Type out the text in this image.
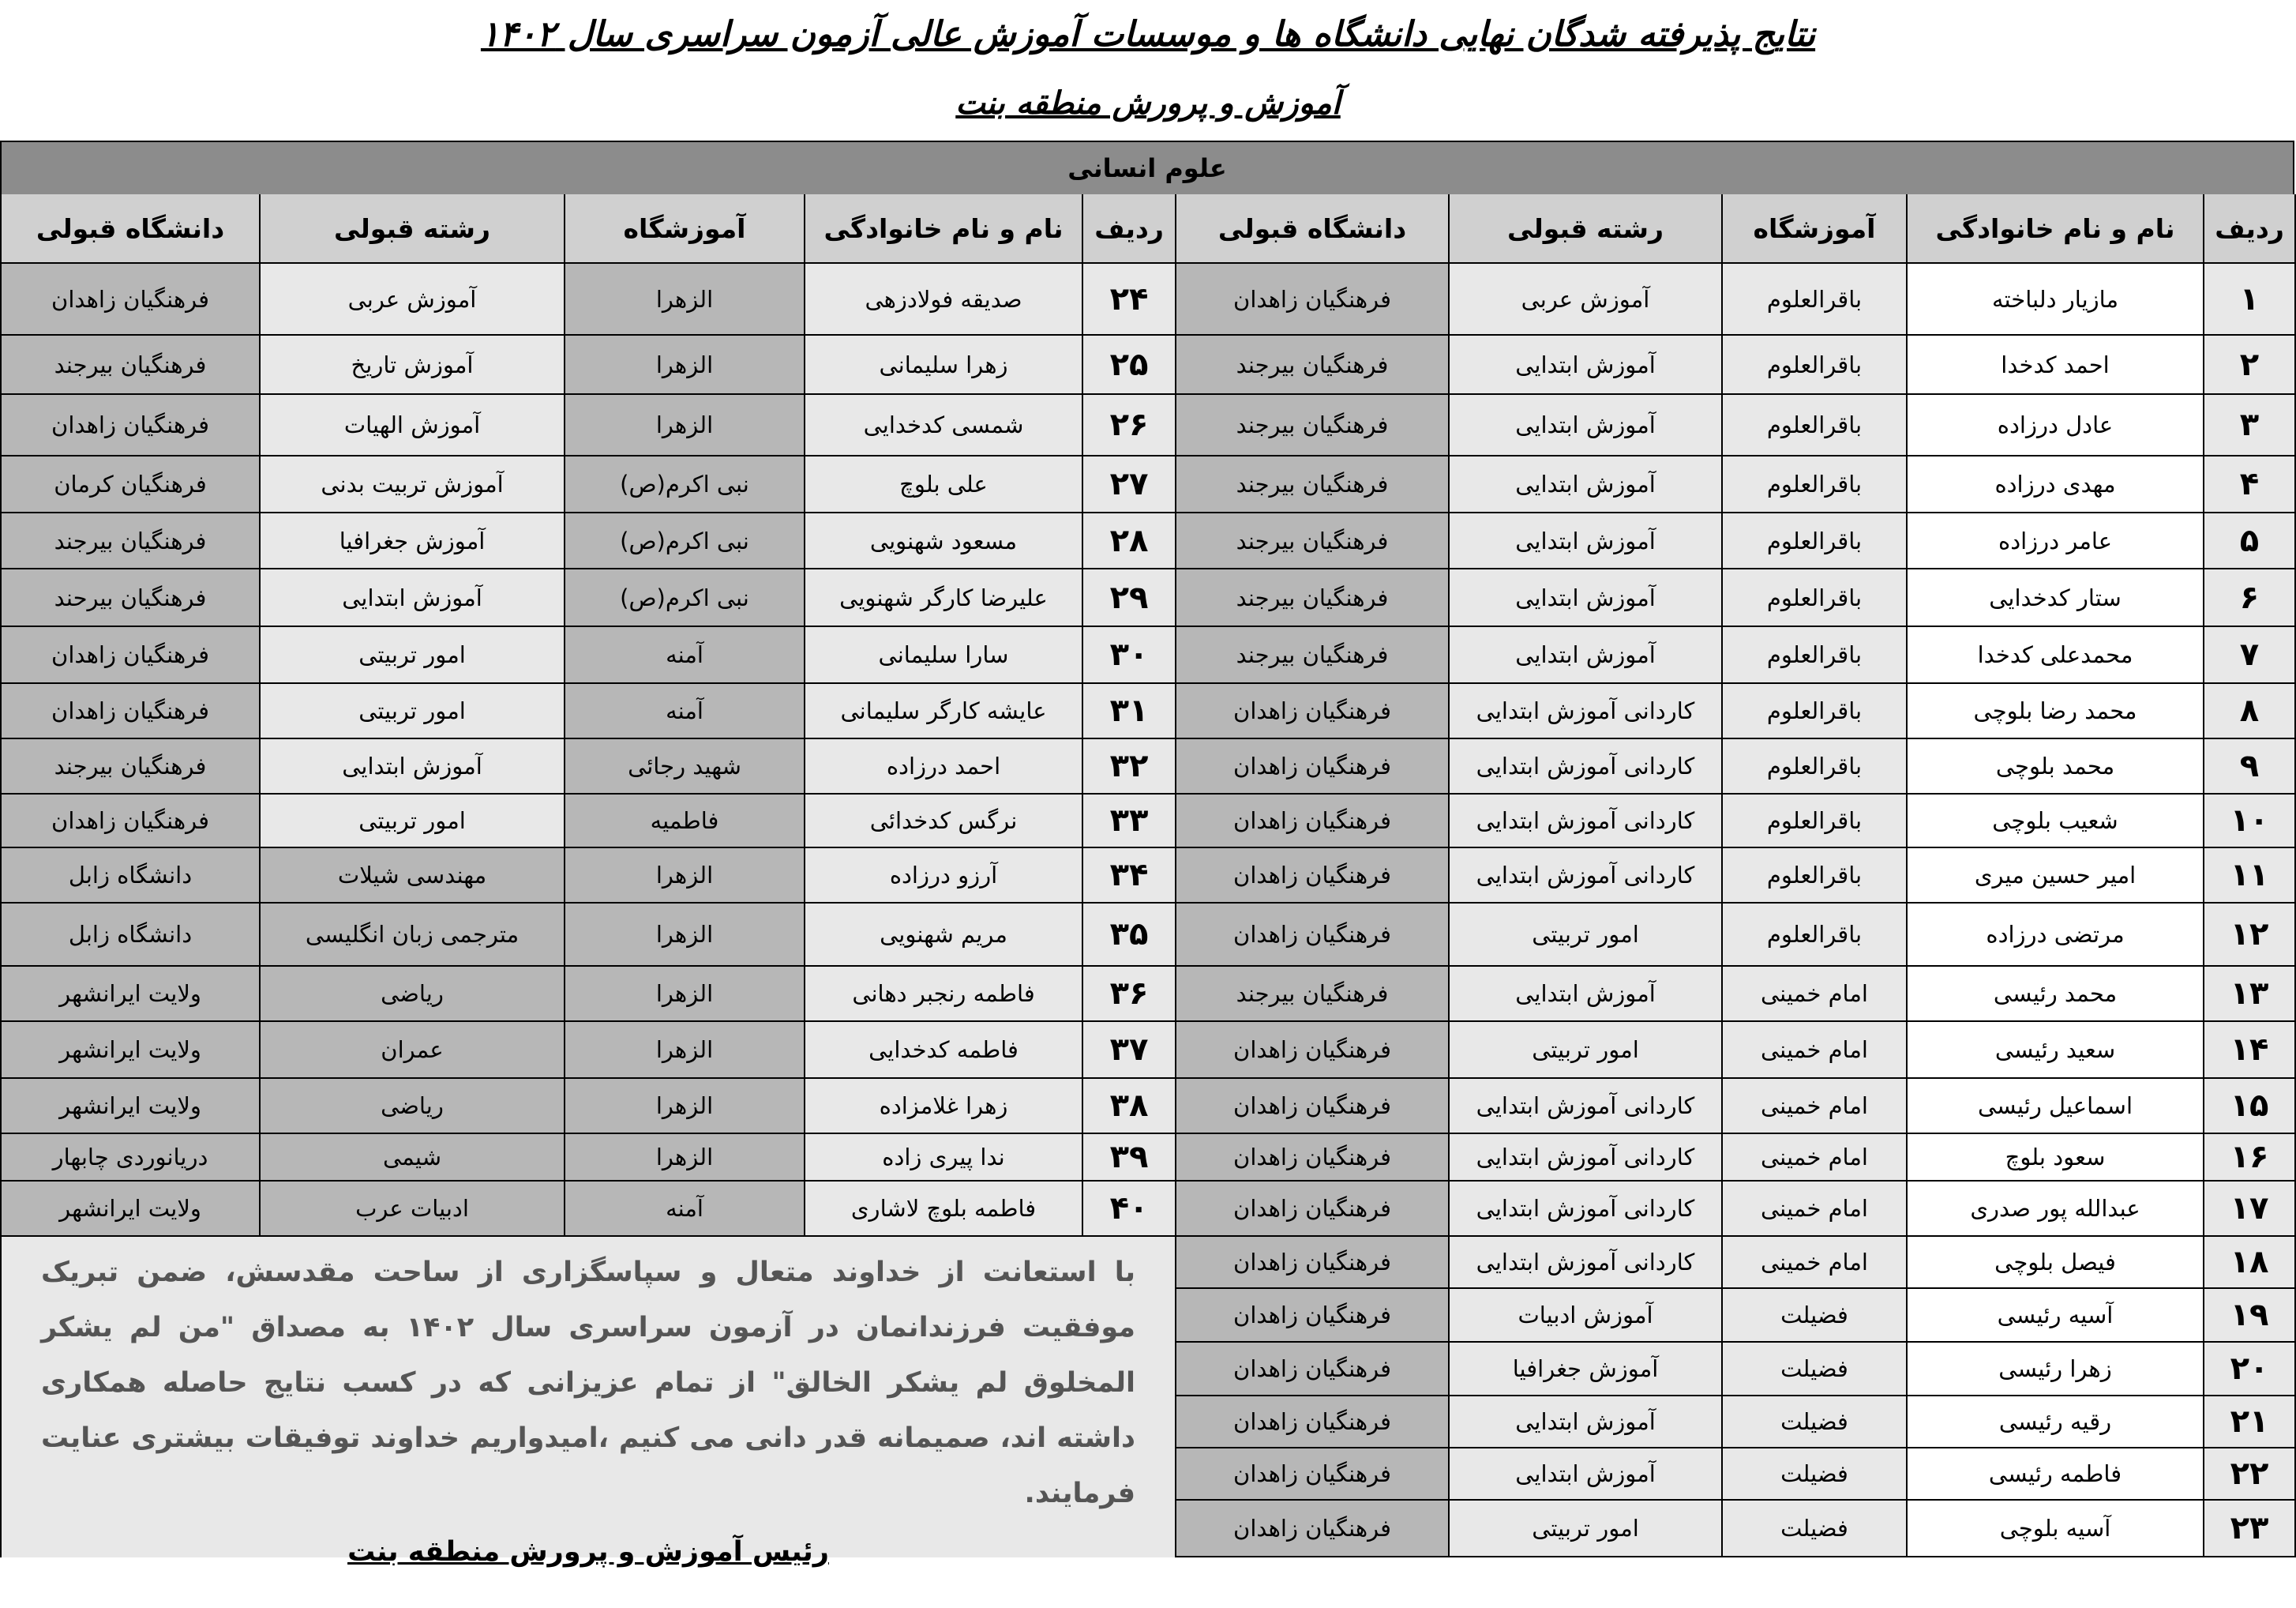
نتایج پذیرفته شدگان نهایی دانشگاه ها و موسسات آموزش عالی آزمون سراسری سال ۱۴۰۲
آموزش و پرورش منطقه بنت
علوم انسانی
با استعانت از خداوند متعال و سپاسگزاری از ساحت مقدسش، ضمن تبریک موفقیت فرزندانمان در آزمون سراسری سال ۱۴۰۲ به مصداق "من لم یشکر المخلوق لم یشکر الخالق" از تمام عزیزانی که در کسب نتایج حاصله همکاری داشته اند، صمیمانه قدر دانی می کنیم ،امیدواریم خداوند توفیقات بیشتری عنایت فرمایند.
رئیس آموزش و پرورش منطقه بنت
ردیف
نام و نام خانوادگی
آموزشگاه
رشته قبولی
دانشگاه قبولی
ردیف
نام و نام خانوادگی
آموزشگاه
رشته قبولی
دانشگاه قبولی
۱
مازیار دلباخته
باقرالعلوم
آموزش عربی
فرهنگیان زاهدان
۲
احمد کدخدا
باقرالعلوم
آموزش ابتدایی
فرهنگیان بیرجند
۳
عادل درزاده
باقرالعلوم
آموزش ابتدایی
فرهنگیان بیرجند
۴
مهدی درزاده
باقرالعلوم
آموزش ابتدایی
فرهنگیان بیرجند
۵
عامر درزاده
باقرالعلوم
آموزش ابتدایی
فرهنگیان بیرجند
۶
ستار کدخدایی
باقرالعلوم
آموزش ابتدایی
فرهنگیان بیرجند
۷
محمدعلی کدخدا
باقرالعلوم
آموزش ابتدایی
فرهنگیان بیرجند
۸
محمد رضا بلوچی
باقرالعلوم
کاردانی آموزش ابتدایی
فرهنگیان زاهدان
۹
محمد بلوچی
باقرالعلوم
کاردانی آموزش ابتدایی
فرهنگیان زاهدان
۱۰
شعیب بلوچی
باقرالعلوم
کاردانی آموزش ابتدایی
فرهنگیان زاهدان
۱۱
امیر حسین میری
باقرالعلوم
کاردانی آموزش ابتدایی
فرهنگیان زاهدان
۱۲
مرتضی درزاده
باقرالعلوم
امور تربیتی
فرهنگیان زاهدان
۱۳
محمد رئیسی
امام خمینی
آموزش ابتدایی
فرهنگیان بیرجند
۱۴
سعید رئیسی
امام خمینی
امور تربیتی
فرهنگیان زاهدان
۱۵
اسماعیل رئیسی
امام خمینی
کاردانی آموزش ابتدایی
فرهنگیان زاهدان
۱۶
سعود بلوچ
امام خمینی
کاردانی آموزش ابتدایی
فرهنگیان زاهدان
۱۷
عبدالله پور صدری
امام خمینی
کاردانی آموزش ابتدایی
فرهنگیان زاهدان
۱۸
فیصل بلوچی
امام خمینی
کاردانی آموزش ابتدایی
فرهنگیان زاهدان
۱۹
آسیه رئیسی
فضیلت
آموزش ادبیات
فرهنگیان زاهدان
۲۰
زهرا رئیسی
فضیلت
آموزش جغرافیا
فرهنگیان زاهدان
۲۱
رقیه رئیسی
فضیلت
آموزش ابتدایی
فرهنگیان زاهدان
۲۲
فاطمه رئیسی
فضیلت
آموزش ابتدایی
فرهنگیان زاهدان
۲۳
آسیه بلوچی
فضیلت
امور تربیتی
فرهنگیان زاهدان
۲۴
صدیقه فولادزهی
الزهرا
آموزش عربی
فرهنگیان زاهدان
۲۵
زهرا سلیمانی
الزهرا
آموزش تاریخ
فرهنگیان بیرجند
۲۶
شمسی کدخدایی
الزهرا
آموزش الهیات
فرهنگیان زاهدان
۲۷
علی بلوچ
نبی اکرم(ص)
آموزش تربیت بدنی
فرهنگیان کرمان
۲۸
مسعود شهنویی
نبی اکرم(ص)
آموزش جغرافیا
فرهنگیان بیرجند
۲۹
علیرضا کارگر شهنویی
نبی اکرم(ص)
آموزش ابتدایی
فرهنگیان بیرحند
۳۰
سارا سلیمانی
آمنه
امور تربیتی
فرهنگیان زاهدان
۳۱
عایشه کارگر سلیمانی
آمنه
امور تربیتی
فرهنگیان زاهدان
۳۲
احمد درزاده
شهید رجائی
آموزش ابتدایی
فرهنگیان بیرجند
۳۳
نرگس کدخدائی
فاطمیه
امور تربیتی
فرهنگیان زاهدان
۳۴
آرزو درزاده
الزهرا
مهندسی شیلات
دانشگاه زابل
۳۵
مریم شهنویی
الزهرا
مترجمی زبان انگلیسی
دانشگاه زابل
۳۶
فاطمه رنجبر دهانی
الزهرا
ریاضی
ولایت ایرانشهر
۳۷
فاطمه کدخدایی
الزهرا
عمران
ولایت ایرانشهر
۳۸
زهرا غلامزاده
الزهرا
ریاضی
ولایت ایرانشهر
۳۹
ندا پیری زاده
الزهرا
شیمی
دریانوردی چابهار
۴۰
فاطمه بلوچ لاشاری
آمنه
ادبیات عرب
ولایت ایرانشهر
